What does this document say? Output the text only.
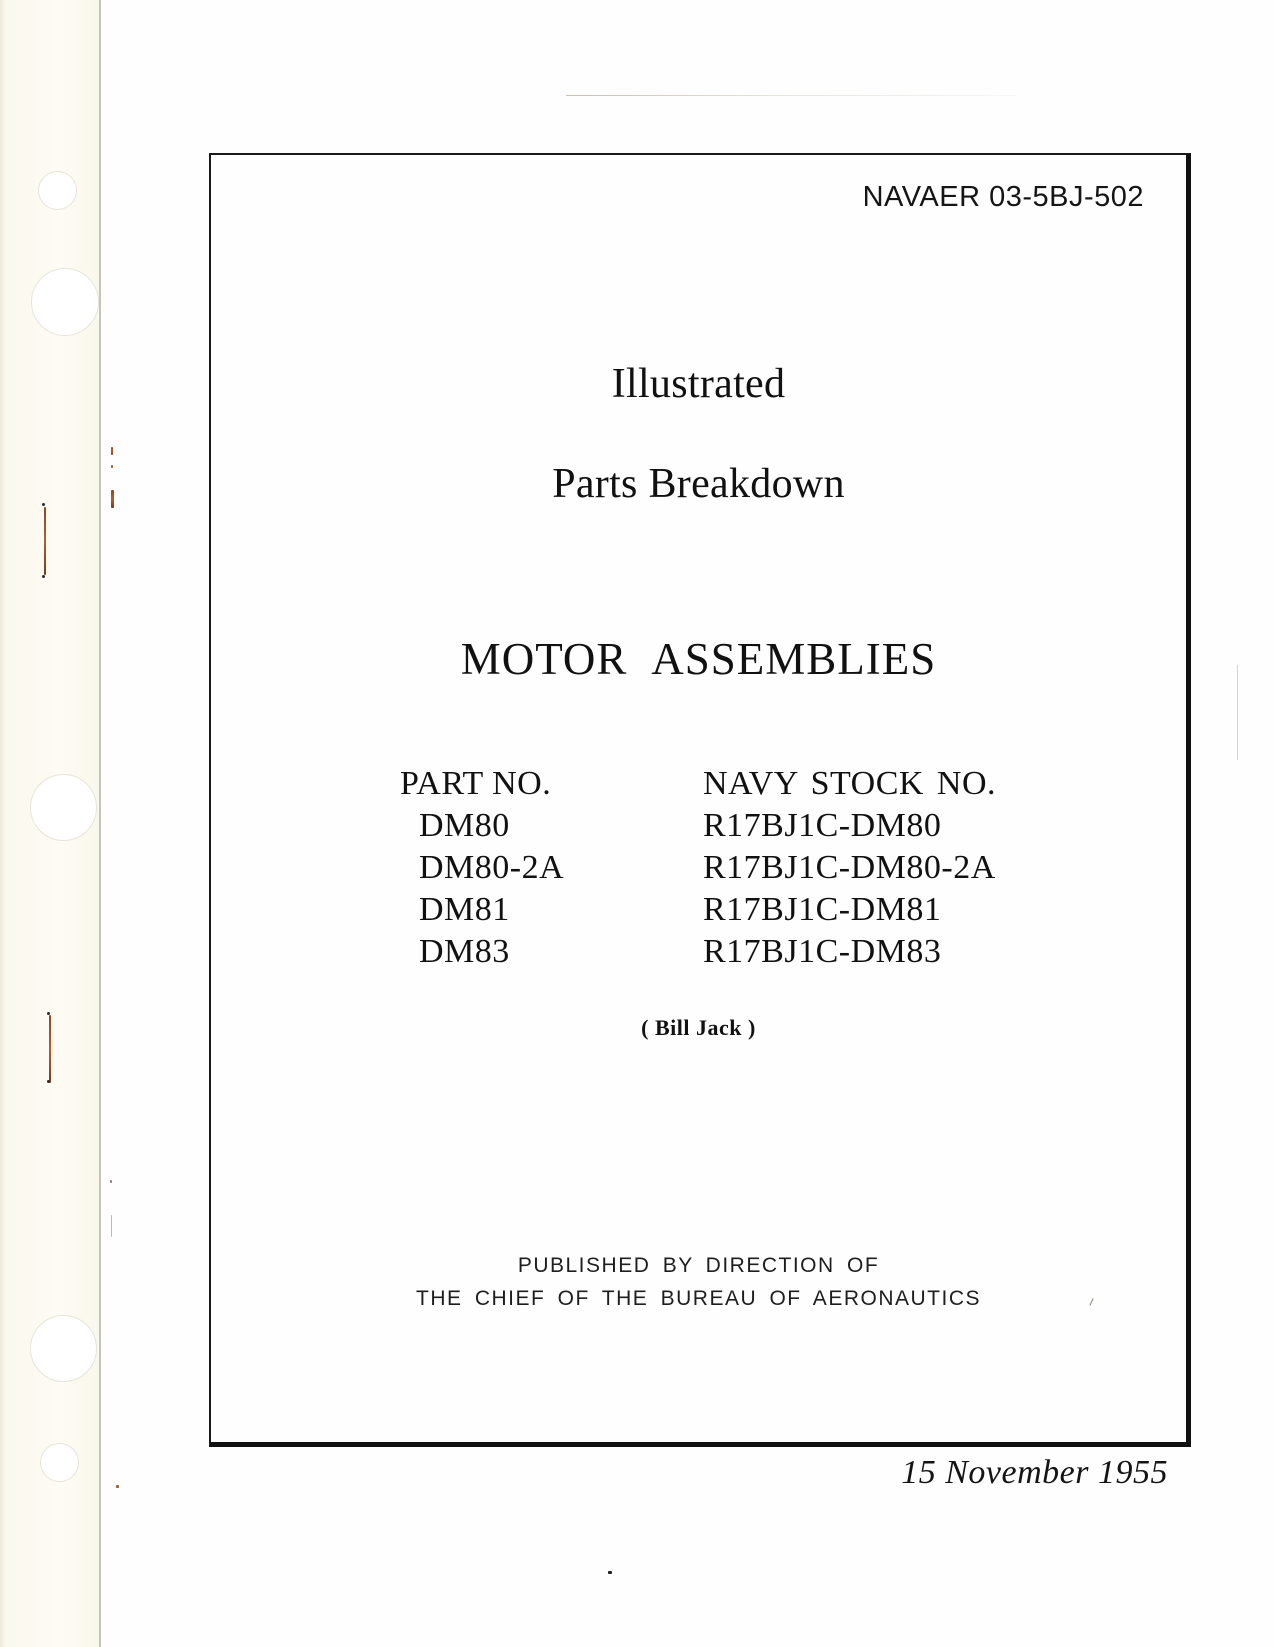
NAVAER 03-5BJ-502
Illustrated
Parts Breakdown
MOTOR ASSEMBLIES
PART NO.	NAVY STOCK NO.
DM80	R17BJ1C-DM80
DM80-2A	R17BJ1C-DM80-2A
DM81	R17BJ1C-DM81
DM83	R17BJ1C-DM83
( Bill Jack )
PUBLISHED BY DIRECTION OF
THE CHIEF OF THE BUREAU OF AERONAUTICS
15 November 1955
